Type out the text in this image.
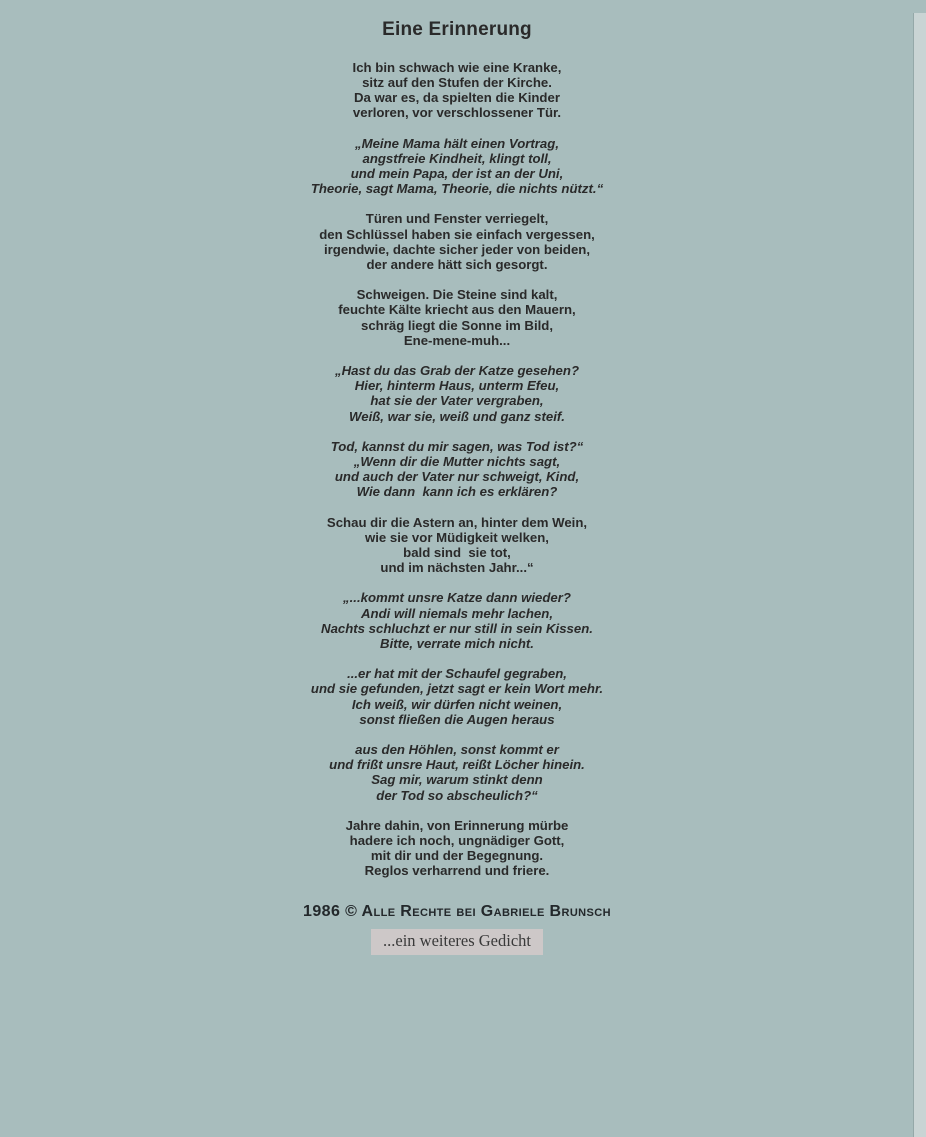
Eine Erinnerung
Ich bin schwach wie eine Kranke,
sitz auf den Stufen der Kirche.
Da war es, da spielten die Kinder
verloren, vor verschlossener Tür.
„Meine Mama hält einen Vortrag,
angstfreie Kindheit, klingt toll,
und mein Papa, der ist an der Uni,
Theorie, sagt Mama, Theorie, die nichts nützt.“
Türen und Fenster verriegelt,
den Schlüssel haben sie einfach vergessen,
irgendwie, dachte sicher jeder von beiden,
der andere hätt sich gesorgt.
Schweigen. Die Steine sind kalt,
feuchte Kälte kriecht aus den Mauern,
schräg liegt die Sonne im Bild,
Ene-mene-muh...
„Hast du das Grab der Katze gesehen?
Hier, hinterm Haus, unterm Efeu,
hat sie der Vater vergraben,
Weiß, war sie, weiß und ganz steif.
Tod, kannst du mir sagen, was Tod ist?“
„Wenn dir die Mutter nichts sagt,
und auch der Vater nur schweigt, Kind,
Wie dann  kann ich es erklären?
Schau dir die Astern an, hinter dem Wein,
wie sie vor Müdigkeit welken,
bald sind  sie tot,
und im nächsten Jahr...“
„...kommt unsre Katze dann wieder?
Andi will niemals mehr lachen,
Nachts schluchzt er nur still in sein Kissen.
Bitte, verrate mich nicht.
...er hat mit der Schaufel gegraben,
und sie gefunden, jetzt sagt er kein Wort mehr.
Ich weiß, wir dürfen nicht weinen,
sonst fließen die Augen heraus
aus den Höhlen, sonst kommt er
und frißt unsre Haut, reißt Löcher hinein.
Sag mir, warum stinkt denn
der Tod so abscheulich?“
Jahre dahin, von Erinnerung mürbe
hadere ich noch, ungnädiger Gott,
mit dir und der Begegnung.
Reglos verharrend und friere.
1986 © Alle Rechte bei Gabriele Brunsch
...ein weiteres Gedicht
